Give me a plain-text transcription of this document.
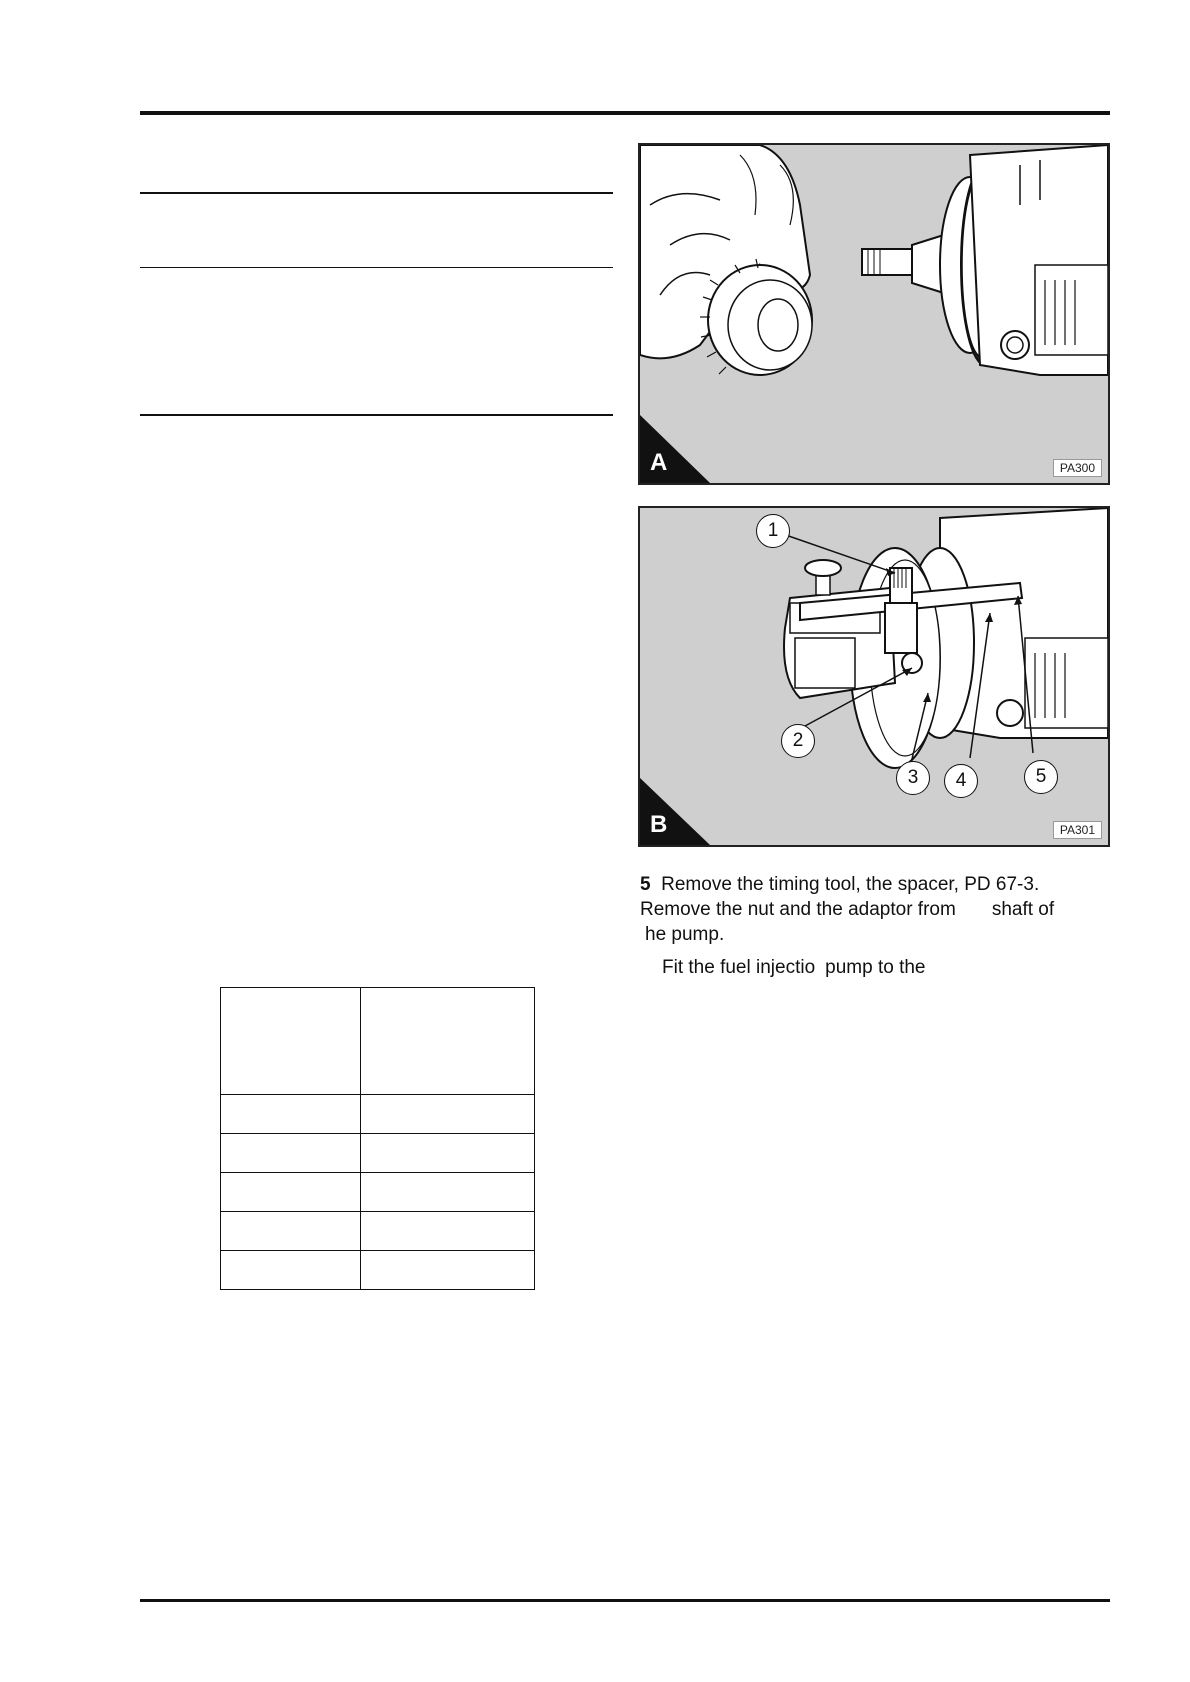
A	PA300
1
2
3	4	5
B	PA301

5 Remove the timing tool, the spacer, PD 67-3.

Remove the nut and the adaptor from shaft of

he pump.

Fit the fuel injectio pump to the
